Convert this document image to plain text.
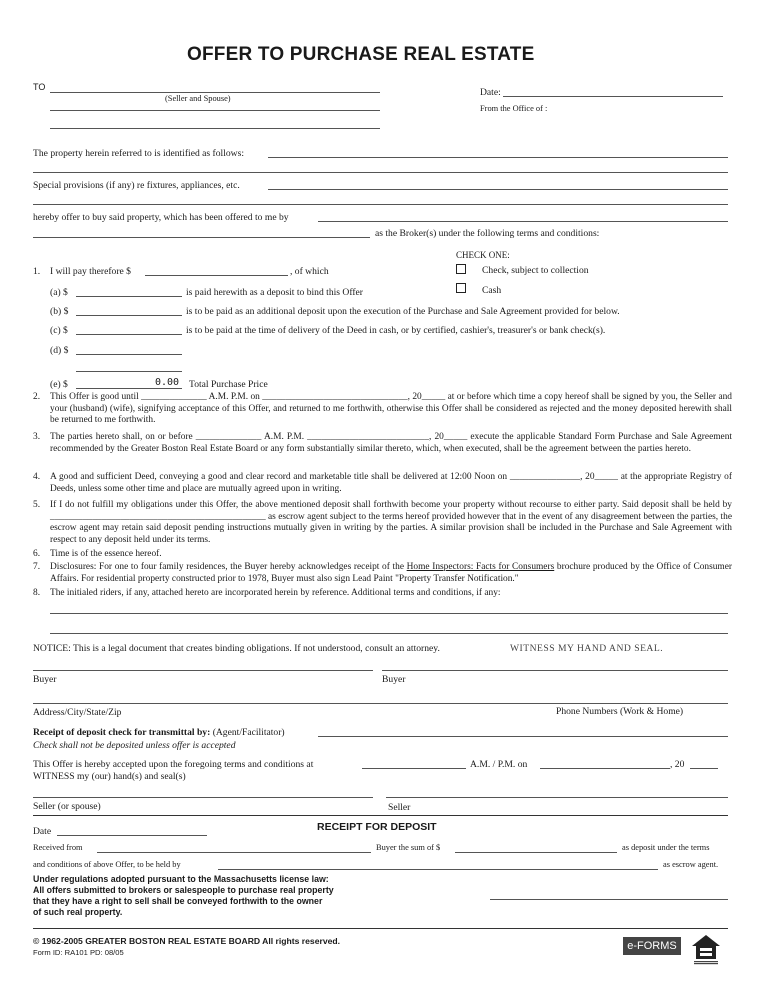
OFFER TO PURCHASE REAL ESTATE
TO
(Seller and Spouse)
Date:
From the Office of :
The property herein referred to is identified as follows:
Special provisions (if any) re fixtures, appliances, etc.
hereby offer to buy said property, which has been offered to me by
as the Broker(s) under the following terms and conditions:
CHECK ONE:
Check, subject to collection
Cash
1. I will pay therefore $	, of which
(a) $	is paid herewith as a deposit to bind this Offer
(b) $	is to be paid as an additional deposit upon the execution of the Purchase and Sale Agreement provided for below.
(c) $	is to be paid at the time of delivery of the Deed in cash, or by certified, cashier's, treasurer's or bank check(s).
(d) $
(e) $	0.00 Total Purchase Price
2. This Offer is good until ______________ A.M. P.M. on _______________________________, 20_____ at or before which time a copy hereof shall be signed by you, the Seller and your (husband) (wife), signifying acceptance of this Offer, and returned to me forthwith, otherwise this Offer shall be considered as rejected and the money deposited herewith shall be returned to me forthwith.
3. The parties hereto shall, on or before ______________ A.M. P.M. __________________________, 20_____ execute the applicable Standard Form Purchase and Sale Agreement recommended by the Greater Boston Real Estate Board or any form substantially similar thereto, which, when executed, shall be the agreement between the parties hereto.
4. A good and sufficient Deed, conveying a good and clear record and marketable title shall be delivered at 12:00 Noon on _______________, 20_____ at the appropriate Registry of Deeds, unless some other time and place are mutually agreed upon in writing.
5. If I do not fulfill my obligations under this Offer, the above mentioned deposit shall forthwith become your property without recourse to either party. Said deposit shall be held by ______________________________________________ as escrow agent subject to the terms hereof provided however that in the event of any disagreement between the parties, the escrow agent may retain said deposit pending instructions mutually given in writing by the parties. A similar provision shall be included in the Purchase and Sale Agreement with respect to any deposit held under its terms.
6. Time is of the essence hereof.
7. Disclosures: For one to four family residences, the Buyer hereby acknowledges receipt of the Home Inspectors: Facts for Consumers brochure produced by the Office of Consumer Affairs. For residential property constructed prior to 1978, Buyer must also sign Lead Paint "Property Transfer Notification."
8. The initialed riders, if any, attached hereto are incorporated herein by reference. Additional terms and conditions, if any:
NOTICE: This is a legal document that creates binding obligations. If not understood, consult an attorney.	WITNESS MY HAND AND SEAL.
Buyer	Buyer
Address/City/State/Zip	Phone Numbers (Work & Home)
Receipt of deposit check for transmittal by: (Agent/Facilitator)
Check shall not be deposited unless offer is accepted
This Offer is hereby accepted upon the foregoing terms and conditions at	A.M. / P.M. on	, 20
WITNESS my (our) hand(s) and seal(s)
Seller (or spouse)	Seller
RECEIPT FOR DEPOSIT
Date
Received from	Buyer the sum of $	as deposit under the terms
and conditions of above Offer, to be held by	as escrow agent.
Under regulations adopted pursuant to the Massachusetts license law:
All offers submitted to brokers or salespeople to purchase real property
that they have a right to sell shall be conveyed forthwith to the owner
of such real property.
© 1962-2005 GREATER BOSTON REAL ESTATE BOARD All rights reserved.
Form ID: RA101 PD: 08/05
e-FORMS
